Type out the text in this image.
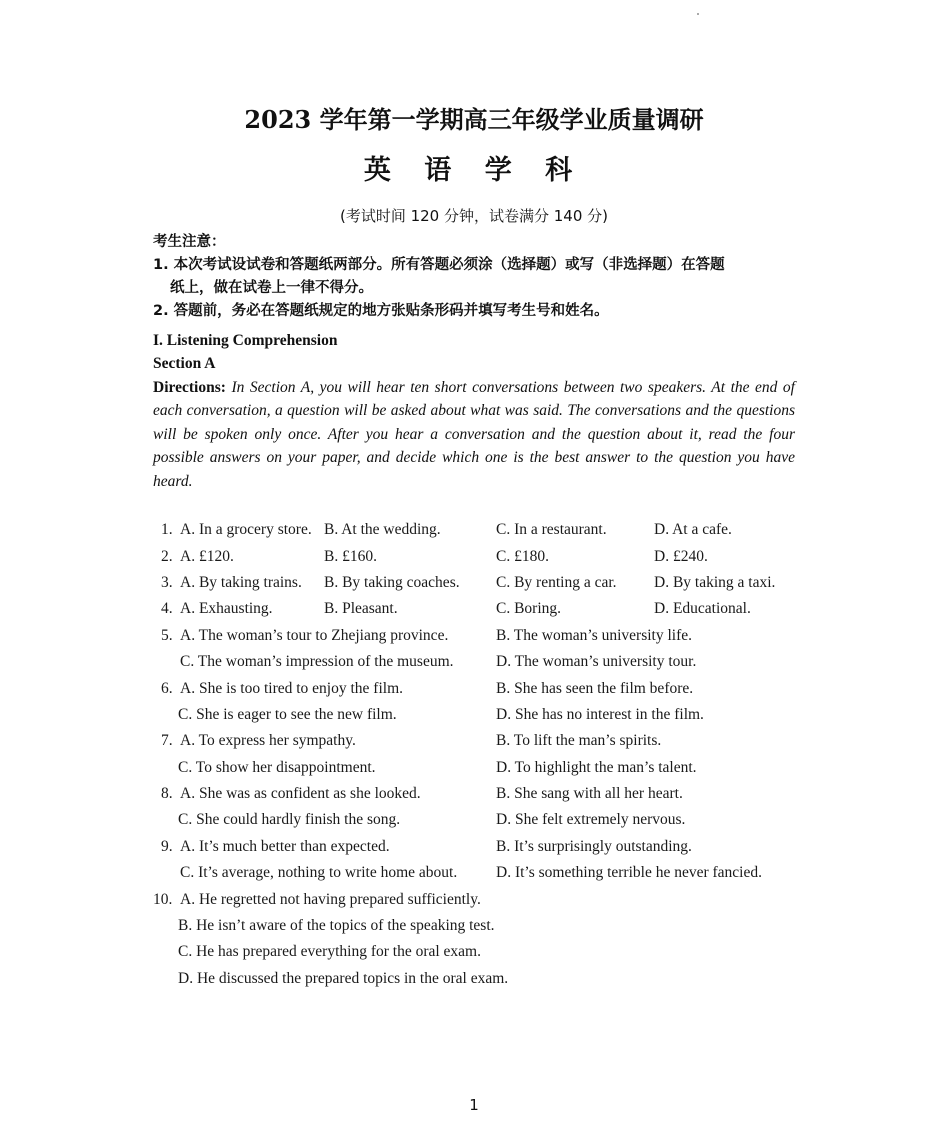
2023 学年第一学期高三年级学业质量调研
英 语 学 科
(考试时间 120 分钟，试卷满分 140 分)
考生注意：
1. 本次考试设试卷和答题纸两部分。所有答题必须涂（选择题）或写（非选择题）在答题
纸上，做在试卷上一律不得分。
2. 答题前，务必在答题纸规定的地方张贴条形码并填写考生号和姓名。
I. Listening Comprehension
Section A
Directions: In Section A, you will hear ten short conversations between two speakers. At the end of each conversation, a question will be asked about what was said. The conversations and the questions will be spoken only once. After you hear a conversation and the question about it, read the four possible answers on your paper, and decide which one is the best answer to the question you have heard.
1. A. In a grocery store. B. At the wedding.	C. In a restaurant.	D. At a cafe.
2. A. £120.	B. £160.	C. £180.	D. £240.
3. A. By taking trains. B. By taking coaches. C. By renting a car. D. By taking a taxi.
4. A. Exhausting.	B. Pleasant.	C. Boring.	D. Educational.
5. A. The woman’s tour to Zhejiang province.	B. The woman’s university life.
C. The woman’s impression of the museum.	D. The woman’s university tour.
6. A. She is too tired to enjoy the film.	B. She has seen the film before.
C. She is eager to see the new film.	D. She has no interest in the film.
7. A. To express her sympathy.	B. To lift the man’s spirits.
C. To show her disappointment.	D. To highlight the man’s talent.
8. A. She was as confident as she looked.	B. She sang with all her heart.
C. She could hardly finish the song.	D. She felt extremely nervous.
9. A. It’s much better than expected.	B. It’s surprisingly outstanding.
C. It’s average, nothing to write home about.	D. It’s something terrible he never fancied.
10. A. He regretted not having prepared sufficiently.
B. He isn’t aware of the topics of the speaking test.
C. He has prepared everything for the oral exam.
D. He discussed the prepared topics in the oral exam.
1
